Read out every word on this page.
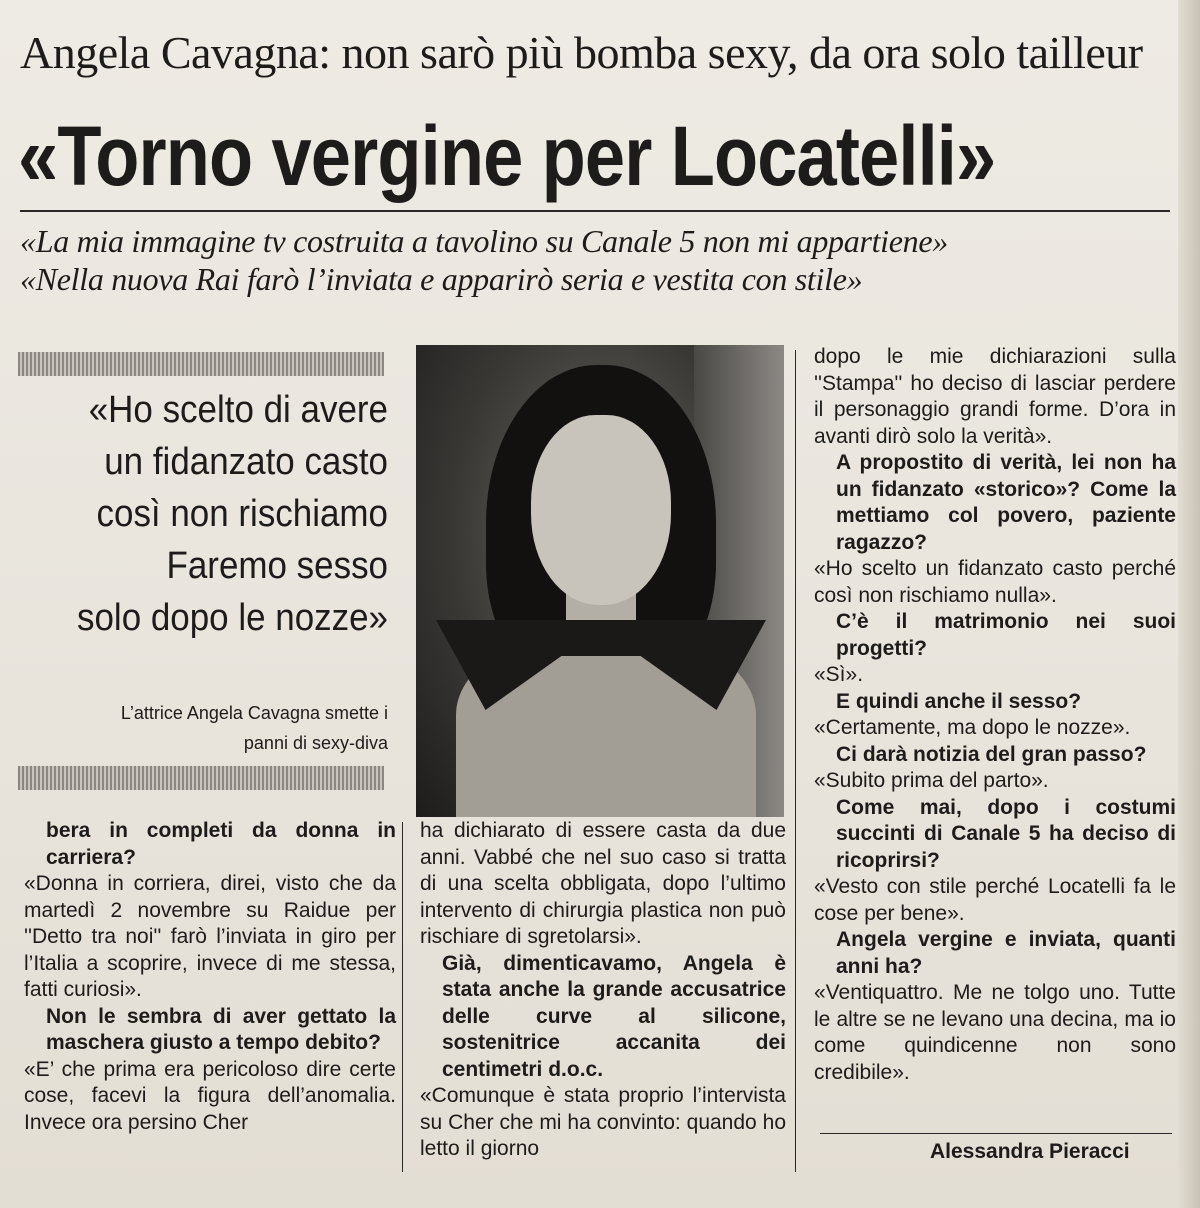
Angela Cavagna: non sarò più bomba sexy, da ora solo tailleur
«Torno vergine per Locatelli»
«La mia immagine tv costruita a tavolino su Canale 5 non mi appartiene»
«Nella nuova Rai farò l’inviata e apparirò seria e vestita con stile»
«Ho scelto di avere
un fidanzato casto
così non rischiamo
Faremo sesso
solo dopo le nozze»
L’attrice Angela Cavagna smette i
panni di sexy-diva

bera in completi da donna in carriera?

«Donna in corriera, direi, visto che da martedì 2 novembre su Raidue per ''Detto tra noi'' farò l’inviata in giro per l’Italia a scoprire, invece di me stessa, fatti curiosi».

Non le sembra di aver gettato la maschera giusto a tempo debito?

«E’ che prima era pericoloso dire certe cose, facevi la figura dell’anomalia. Invece ora persino Cher

ha dichiarato di essere casta da due anni. Vabbé che nel suo caso si tratta di una scelta obbligata, dopo l’ultimo intervento di chirurgia plastica non può rischiare di sgretolarsi».

Già, dimenticavamo, Angela è stata anche la grande accusatrice delle curve al silicone, sostenitrice accanita dei centimetri d.o.c.

«Comunque è stata proprio l’intervista su Cher che mi ha convinto: quando ho letto il giorno

dopo le mie dichiarazioni sulla ''Stampa'' ho deciso di lasciar perdere il personaggio grandi forme. D’ora in avanti dirò solo la verità».

A propostito di verità, lei non ha un fidanzato «storico»? Come la mettiamo col povero, paziente ragazzo?

«Ho scelto un fidanzato casto perché così non rischiamo nulla».

C’è il matrimonio nei suoi progetti?

«Sì».

E quindi anche il sesso?

«Certamente, ma dopo le nozze».

Ci darà notizia del gran passo?

«Subito prima del parto».

Come mai, dopo i costumi succinti di Canale 5 ha deciso di ricoprirsi?

«Vesto con stile perché Locatelli fa le cose per bene».

Angela vergine e inviata, quanti anni ha?

«Ventiquattro. Me ne tolgo uno. Tutte le altre se ne levano una decina, ma io come quindicenne non sono credibile».

Alessandra Pieracci
